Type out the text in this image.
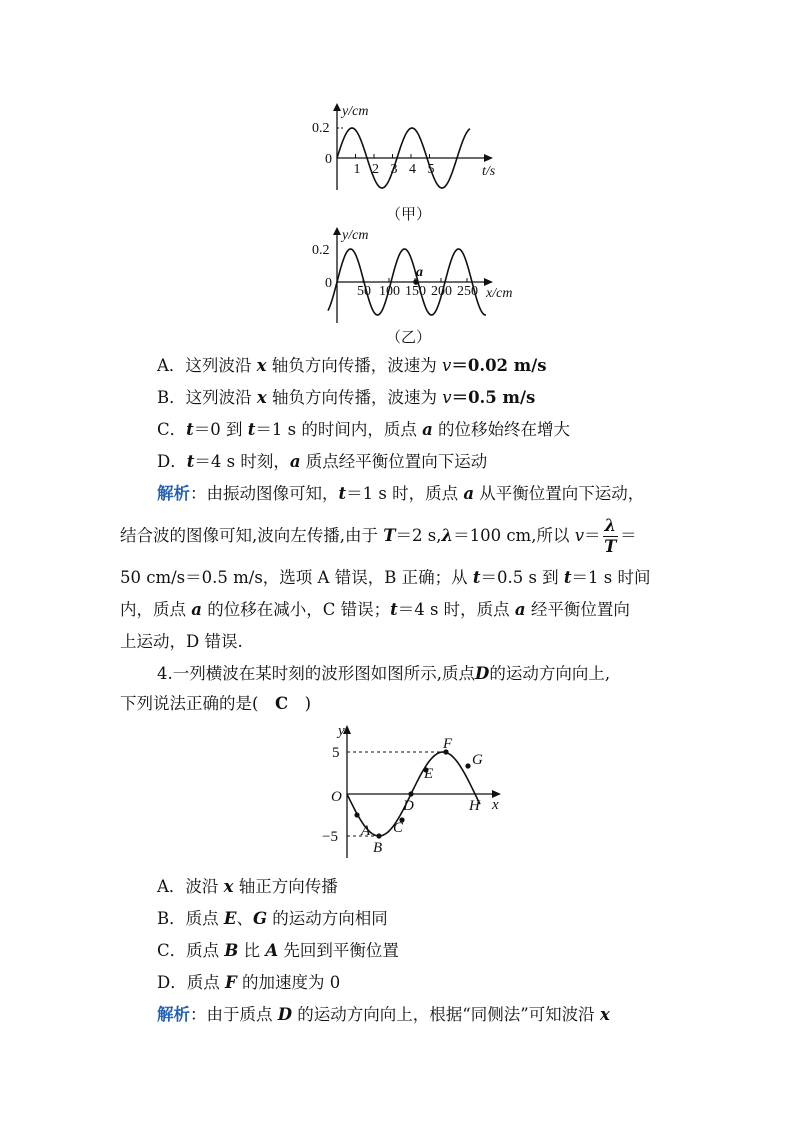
y/cm
0.2
0
t/s
1 2 3 4 5
（甲）
a
y/cm
0.2
0
x/cm
50 100 150 200 250
（乙）
A．这列波沿 x 轴负方向传播，波速为 v＝0.02 m/s
B．这列波沿 x 轴负方向传播，波速为 v＝0.5 m/s
C．t＝0 到 t＝1 s 的时间内，质点 a 的位移始终在增大
D．t＝4 s 时刻，a 质点经平衡位置向下运动
解析：由振动图像可知，t＝1 s 时，质点 a 从平衡位置向下运动，
结合波的图像可知,波向左传播,由于 T＝2 s,λ＝100 cm,所以 $v= \frac{\lambda}{T}$ ＝
50 cm/s＝0.5 m/s，选项 A 错误，B 正确；从 t＝0.5 s 到 t＝1 s 时间
内，质点 a 的位移在减小，C 错误；t＝4 s 时，质点 a 经平衡位置向
上运动，D 错误.
4.一列横波在某时刻的波形图如图所示,质点D的运动方向向上,
下列说法正确的是(　C　)
A
B
C
D
E
F
G
H
y
x
O
5
−5
A．波沿 x 轴正方向传播
B．质点 E、G 的运动方向相同
C．质点 B 比 A 先回到平衡位置
D．质点 F 的加速度为 0
解析：由于质点 D 的运动方向向上，根据“同侧法”可知波沿 x
